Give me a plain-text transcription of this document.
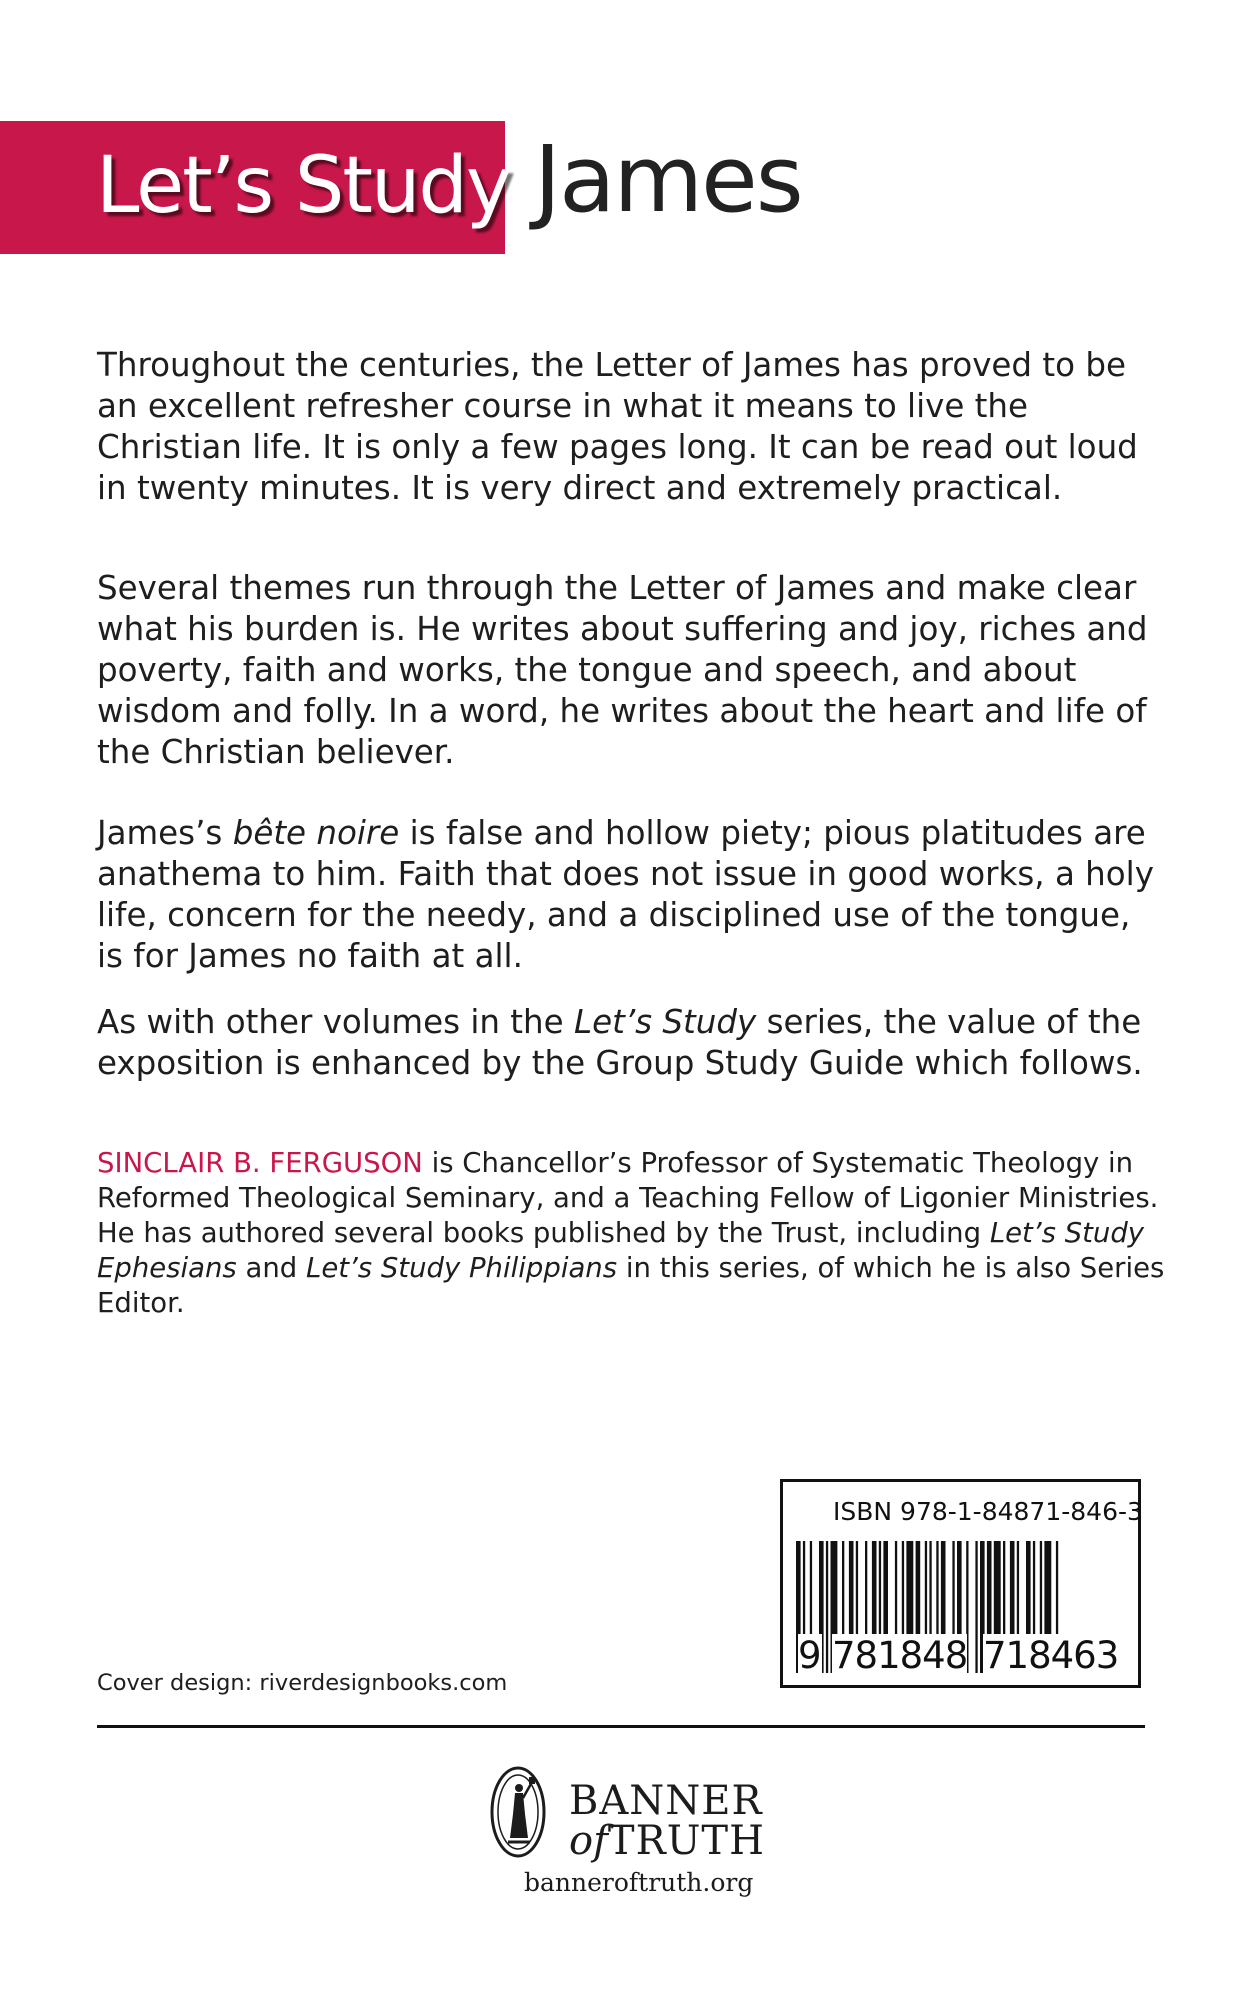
Let’s Study James

Throughout the centuries, the Letter of James has proved to be an excellent refresher course in what it means to live the Christian life. It is only a few pages long. It can be read out loud in twenty minutes. It is very direct and extremely practical.

Several themes run through the Letter of James and make clear what his burden is. He writes about suffering and joy, riches and poverty, faith and works, the tongue and speech, and about wisdom and folly. In a word, he writes about the heart and life of the Christian believer.

James’s bête noire is false and hollow piety; pious platitudes are anathema to him. Faith that does not issue in good works, a holy life, concern for the needy, and a disciplined use of the tongue, is for James no faith at all.

As with other volumes in the Let’s Study series, the value of the exposition is enhanced by the Group Study Guide which follows.

SINCLAIR B. FERGUSON is Chancellor’s Professor of Systematic Theology in Reformed Theological Seminary, and a Teaching Fellow of Ligonier Ministries. He has authored several books published by the Trust, including Let’s Study Ephesians and Let’s Study Philippians in this series, of which he is also Series Editor.

ISBN 978-1-84871-846-3
9 781848 718463
Cover design: riverdesignbooks.com
BANNER
ofTRUTH
banneroftruth.org
